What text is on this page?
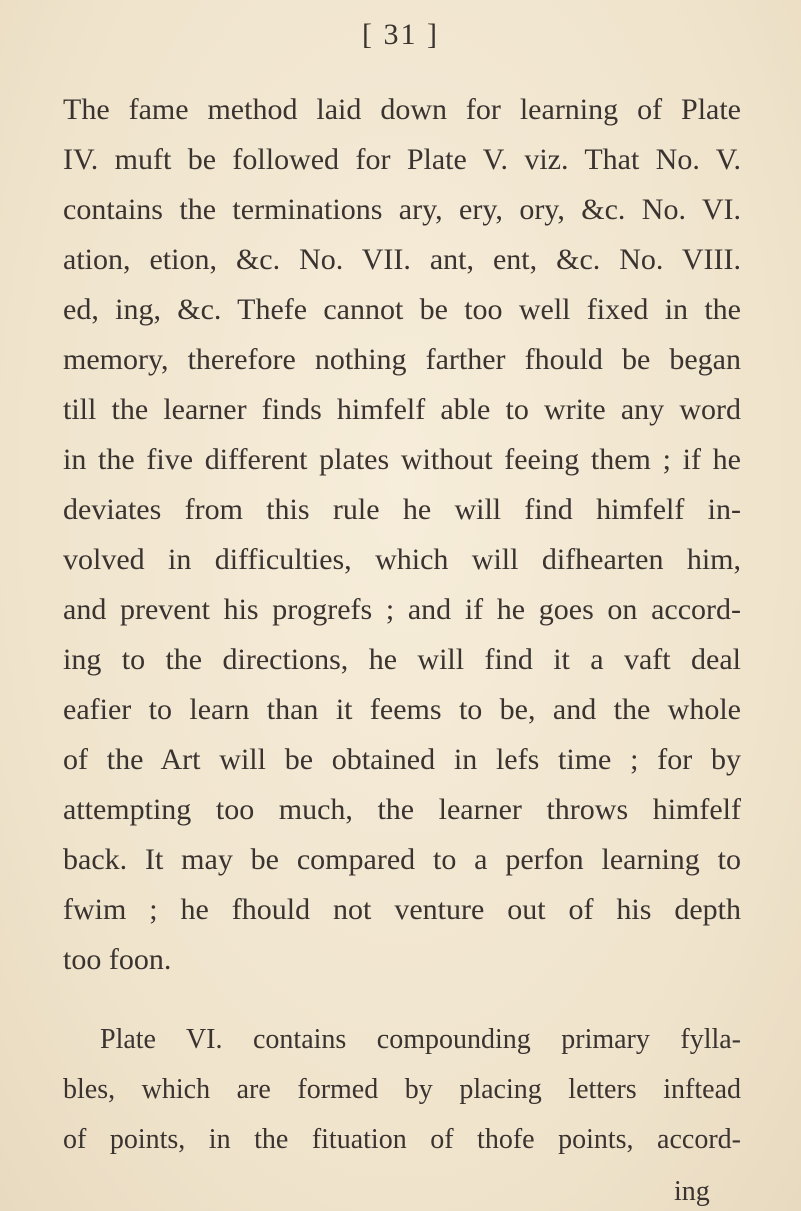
[ 31 ]
The fame method laid down for learning of Plate
IV. muft be followed for Plate V. viz. That No. V.
contains the terminations ary, ery, ory, &c. No. VI.
ation, etion, &c. No. VII. ant, ent, &c. No. VIII.
ed, ing, &c. Thefe cannot be too well fixed in the
memory, therefore nothing farther fhould be began
till the learner finds himfelf able to write any word
in the five different plates without feeing them ; if he
deviates from this rule he will find himfelf in-
volved in difficulties, which will difhearten him,
and prevent his progrefs ; and if he goes on accord-
ing to the directions, he will find it a vaft deal
eafier to learn than it feems to be, and the whole
of the Art will be obtained in lefs time ; for by
attempting too much, the learner throws himfelf
back. It may be compared to a perfon learning to
fwim ; he fhould not venture out of his depth
too foon.
Plate VI. contains compounding primary fylla-
bles, which are formed by placing letters inftead
of points, in the fituation of thofe points, accord-
ing
